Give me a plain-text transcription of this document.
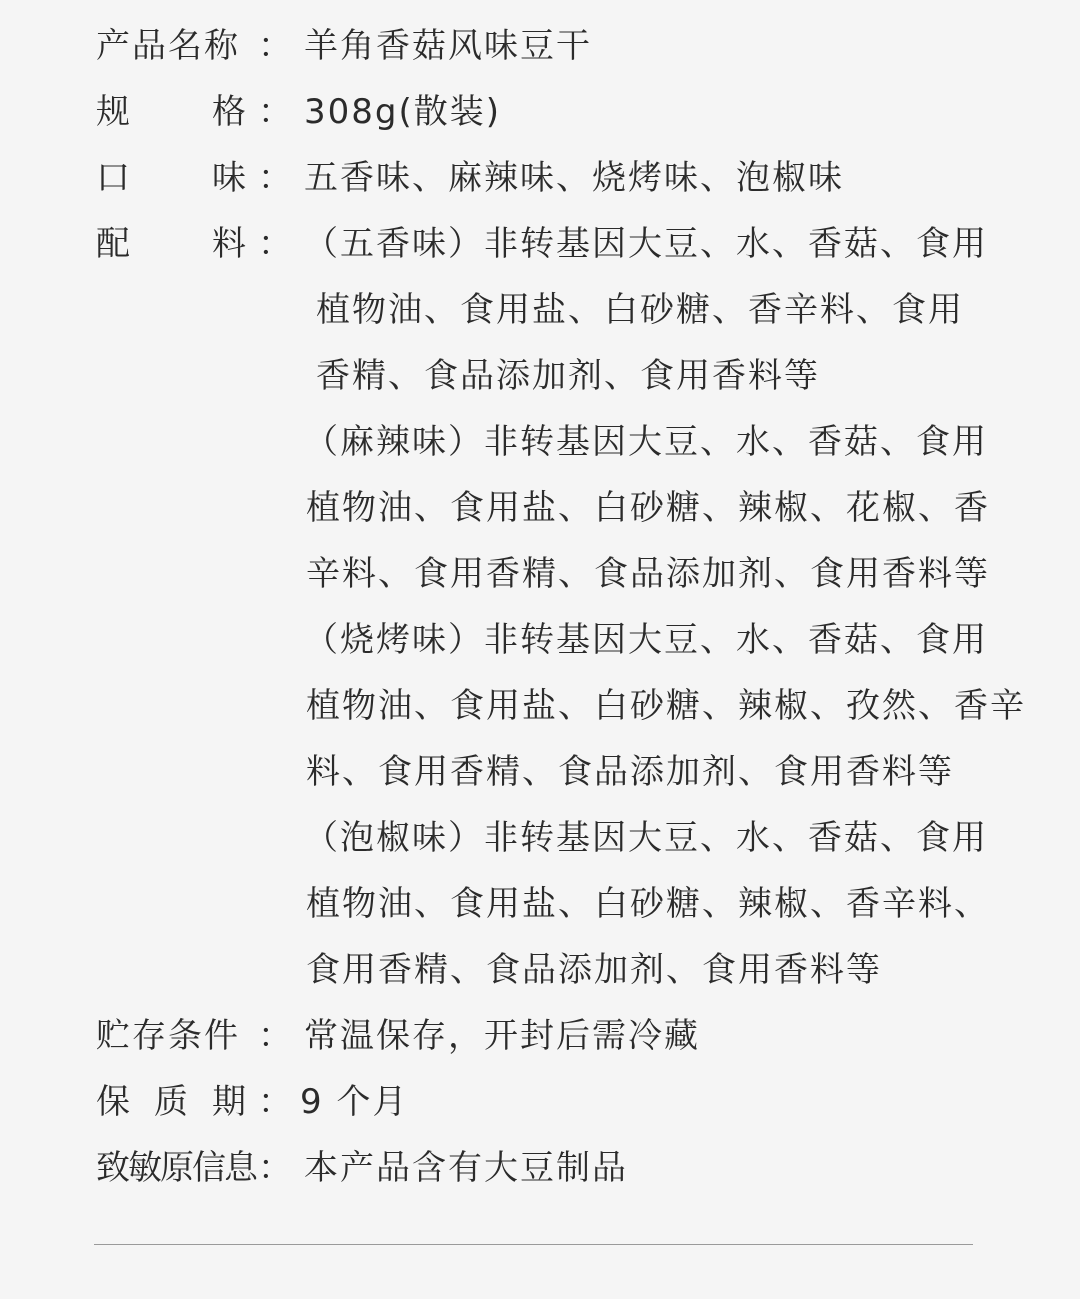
产品名称 ： 羊角香菇风味豆干
规 格 ： 308g(散装)
口 味 ： 五香味、麻辣味、烧烤味、泡椒味
配 料 ： （五香味）非转基因大豆、水、香菇、食用
植物油、食用盐、白砂糖、香辛料、食用
香精、食品添加剂、食用香料等
（麻辣味）非转基因大豆、水、香菇、食用
植物油、食用盐、白砂糖、辣椒、花椒、香
辛料、食用香精、食品添加剂、食用香料等
（烧烤味）非转基因大豆、水、香菇、食用
植物油、食用盐、白砂糖、辣椒、孜然、香辛
料、食用香精、食品添加剂、食用香料等
（泡椒味）非转基因大豆、水、香菇、食用
植物油、食用盐、白砂糖、辣椒、香辛料、
食用香精、食品添加剂、食用香料等
贮存条件 ： 常温保存，开封后需冷藏
保 质 期 ： 9 个月
致敏原信息 ： 本产品含有大豆制品
